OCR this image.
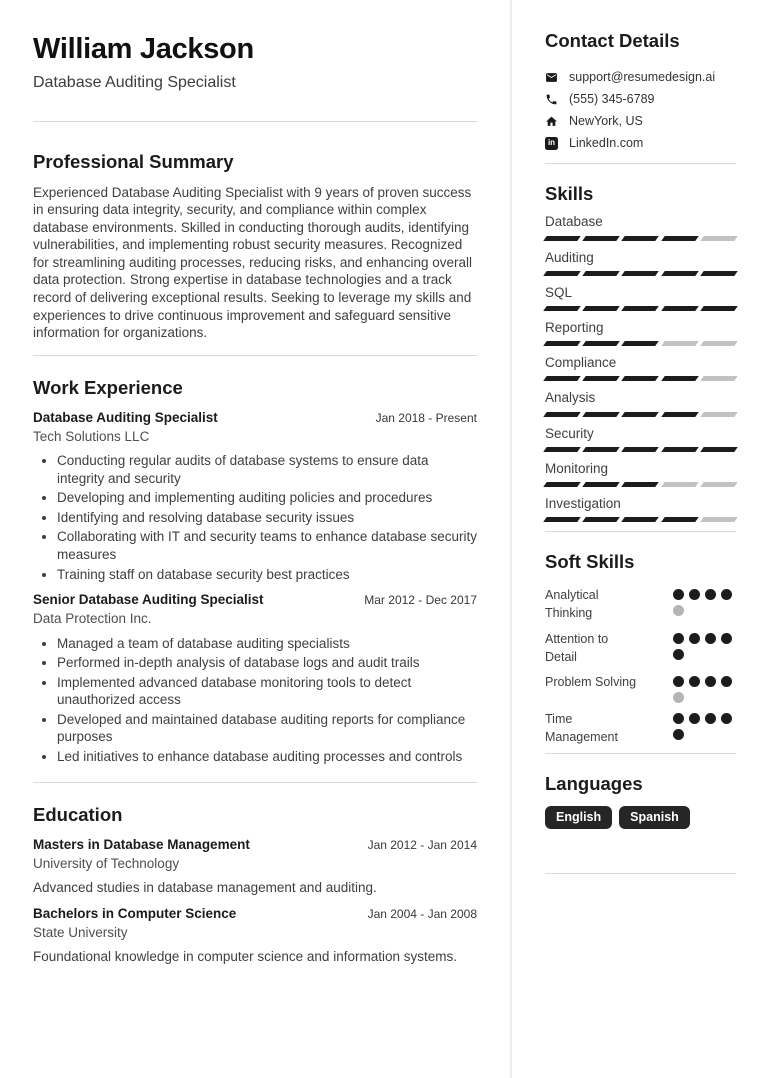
William Jackson
Database Auditing Specialist
Professional Summary

Experienced Database Auditing Specialist with 9 years of proven success in ensuring data integrity, security, and compliance within complex database environments. Skilled in conducting thorough audits, identifying vulnerabilities, and implementing robust security measures. Recognized for streamlining auditing processes, reducing risks, and enhancing overall data protection. Strong expertise in database technologies and a track record of delivering exceptional results. Seeking to leverage my skills and experiences to drive continuous improvement and safeguard sensitive information for organizations.

Work Experience
Database Auditing Specialist	Jan 2018 - Present
Tech Solutions LLC
• Conducting regular audits of database systems to ensure data integrity and security
• Developing and implementing auditing policies and procedures
• Identifying and resolving database security issues
• Collaborating with IT and security teams to enhance database security measures
• Training staff on database security best practices
Senior Database Auditing Specialist	Mar 2012 - Dec 2017
Data Protection Inc.
• Managed a team of database auditing specialists
• Performed in-depth analysis of database logs and audit trails
• Implemented advanced database monitoring tools to detect unauthorized access
• Developed and maintained database auditing reports for compliance purposes
• Led initiatives to enhance database auditing processes and controls
Education
Masters in Database Management	Jan 2012 - Jan 2014
University of Technology

Advanced studies in database management and auditing.

Bachelors in Computer Science	Jan 2004 - Jan 2008
State University

Foundational knowledge in computer science and information systems.

Contact Details
support@resumedesign.ai
(555) 345-6789
NewYork, US
in LinkedIn.com
Skills
Database
Auditing
SQL
Reporting
Compliance
Analysis
Security
Monitoring
Investigation
Soft Skills
Analytical Thinking
Attention to Detail
Problem Solving
Time Management
Languages
English	Spanish
